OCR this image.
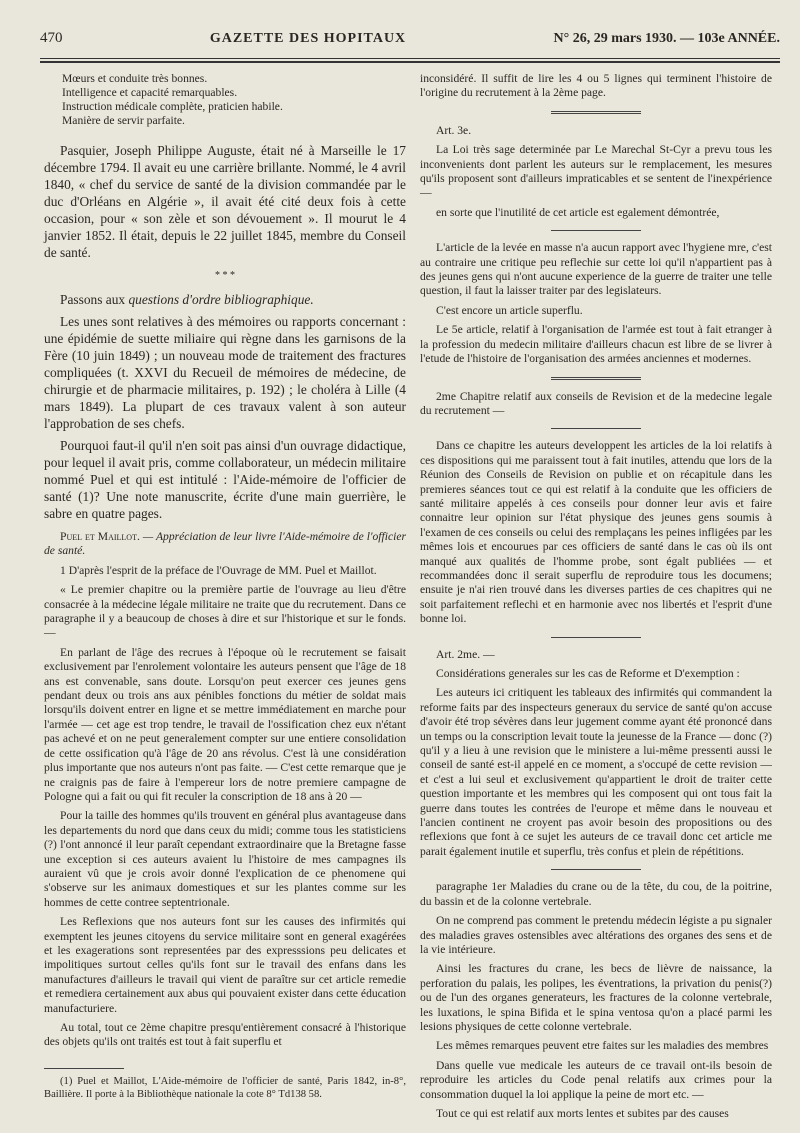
470	GAZETTE DES HOPITAUX	N° 26, 29 mars 1930. — 103e ANNÉE.
Mœurs et conduite très bonnes.
Intelligence et capacité remarquables.
Instruction médicale complète, praticien habile.
Manière de servir parfaite.

Pasquier, Joseph Philippe Auguste, était né à Marseille le 17 décembre 1794. Il avait eu une carrière brillante. Nommé, le 4 avril 1840, « chef du service de santé de la division commandée par le duc d'Orléans en Algérie », il avait été cité deux fois à cette occasion, pour « son zèle et son dévouement ». Il mourut le 4 janvier 1852. Il était, depuis le 22 juillet 1845, membre du Conseil de santé.

* * *

Passons aux questions d'ordre bibliographique.

Les unes sont relatives à des mémoires ou rapports concernant : une épidémie de suette miliaire qui règne dans les garnisons de la Fère (10 juin 1849) ; un nouveau mode de traitement des fractures compliquées (t. XXVI du Recueil de mémoires de médecine, de chirurgie et de pharmacie militaires, p. 192) ; le choléra à Lille (4 mars 1849). La plupart de ces travaux valent à son auteur l'approbation de ses chefs.

Pourquoi faut-il qu'il n'en soit pas ainsi d'un ouvrage didactique, pour lequel il avait pris, comme collaborateur, un médecin militaire nommé Puel et qui est intitulé : l'Aide-mémoire de l'officier de santé (1)? Une note manuscrite, écrite d'une main guerrière, le sabre en quatre pages.

Puel et Maillot. — Appréciation de leur livre l'Aide-mémoire de l'officier de santé.

1 D'après l'esprit de la préface de l'Ouvrage de MM. Puel et Maillot.

« Le premier chapitre ou la première partie de l'ouvrage au lieu d'être consacrée à la médecine légale militaire ne traite que du recrutement. Dans ce paragraphe il y a beaucoup de choses à dire et sur l'historique et sur le fonds. —

En parlant de l'âge des recrues à l'époque où le recrutement se faisait exclusivement par l'enrolement volontaire les auteurs pensent que l'âge de 18 ans est convenable, sans doute. Lorsqu'on peut exercer ces jeunes gens pendant deux ou trois ans aux pénibles fonctions du métier de soldat mais lorsqu'ils doivent entrer en ligne et se mettre immédiatement en marche pour l'armée — cet age est trop tendre, le travail de l'ossification chez eux n'étant pas achevé et on ne peut generalement compter sur une entiere consolidation de cette ossification qu'à l'âge de 20 ans révolus. C'est là une considération plus importante que nos auteurs n'ont pas faite. — C'est cette remarque que je ne craignis pas de faire à l'empereur lors de notre premiere campagne de Pologne qui a fait ou qui fit reculer la conscription de 18 ans à 20 —

Pour la taille des hommes qu'ils trouvent en général plus avantageuse dans les departements du nord que dans ceux du midi; comme tous les statisticiens (?) l'ont annoncé il leur paraît cependant extraordinaire que la Bretagne fasse une exception si ces auteurs avaient lu l'histoire de mes campagnes ils auraient vû que je crois avoir donné l'explication de ce phenomene qui s'observe sur les animaux domestiques et sur les plantes comme sur les hommes de cette contree septentrionale.

Les Reflexions que nos auteurs font sur les causes des infirmités qui exemptent les jeunes citoyens du service militaire sont en general exagérées et les exagerations sont representées par des expresssions peu delicates et impolitiques surtout celles qu'ils font sur le travail des enfans dans les manufactures d'ailleurs le travail qui vient de paraître sur cet article remedie et remediera certainement aux abus qui pouvaient exister dans cette éducation manufacturiere.

Au total, tout ce 2ème chapitre presqu'entièrement consacré à l'historique des objets qu'ils ont traités est tout à fait superflu et

(1) Puel et Maillot, L'Aide-mémoire de l'officier de santé, Paris 1842, in-8°, Baillière. Il porte à la Bibliothèque nationale la cote 8° Td138 58.

inconsidéré. Il suffit de lire les 4 ou 5 lignes qui terminent l'histoire de l'origine du recrutement à la 2ème page.

Art. 3e.

La Loi très sage determinée par Le Marechal St-Cyr a prevu tous les inconvenients dont parlent les auteurs sur le remplacement, les mesures qu'ils proposent sont d'ailleurs impraticables et se sentent de l'inexpérience —

en sorte que l'inutilité de cet article est egalement démontrée,

L'article de la levée en masse n'a aucun rapport avec l'hygiene mre, c'est au contraire une critique peu reflechie sur cette loi qu'il n'appartient pas à des jeunes gens qui n'ont aucune experience de la guerre de traiter une telle question, il faut la laisser traiter par des legislateurs.

C'est encore un article superflu.

Le 5e article, relatif à l'organisation de l'armée est tout à fait etranger à la profession du medecin militaire d'ailleurs chacun est libre de se livrer à l'etude de l'histoire de l'organisation des armées anciennes et modernes.

2me Chapitre relatif aux conseils de Revision et de la medecine legale du recrutement —

Dans ce chapitre les auteurs developpent les articles de la loi relatifs à ces dispositions qui me paraissent tout à fait inutiles, attendu que lors de la Réunion des Conseils de Revision on publie et on récapitule dans les premieres séances tout ce qui est relatif à la conduite que les officiers de santé militaire appelés à ces conseils pour donner leur avis et faire connaitre leur opinion sur l'état physique des jeunes gens soumis à l'examen de ces conseils ou celui des remplaçans les peines infligées par les mêmes lois et encourues par ces officiers de santé dans le cas où ils ont manqué aux qualités de l'homme probe, sont égalt publiées — et recommandées donc il serait superflu de reproduire tous les documens; ensuite je n'ai rien trouvé dans les diverses parties de ces chapitres qui ne soit parfaitement reflechi et en harmonie avec nos libertés et l'esprit d'une bonne loi.

Art. 2me. —

Considérations generales sur les cas de Reforme et D'exemption :

Les auteurs ici critiquent les tableaux des infirmités qui commandent la reforme faits par des inspecteurs generaux du service de santé qu'on accuse d'avoir été trop sévères dans leur jugement comme ayant été prononcé dans un temps ou la conscription levait toute la jeunesse de la France — donc (?) qu'il y a lieu à une revision que le ministere a lui-même pressenti aussi le conseil de santé est-il appelé en ce moment, a s'occupé de cette revision — et c'est a lui seul et exclusivement qu'appartient le droit de traiter cette question importante et les membres qui les composent qui ont tous fait la guerre dans toutes les contrées de l'europe et même dans le nouveau et l'ancien continent ne croyent pas avoir besoin des propositions ou des reflexions que font à ce sujet les auteurs de ce travail donc cet article me parait également inutile et superflu, très confus et plein de répétitions.

paragraphe 1er Maladies du crane ou de la tête, du cou, de la poitrine, du bassin et de la colonne vertebrale.

On ne comprend pas comment le pretendu médecin légiste a pu signaler des maladies graves ostensibles avec altérations des organes des sens et de la vie intérieure.

Ainsi les fractures du crane, les becs de lièvre de naissance, la perforation du palais, les polipes, les éventrations, la privation du penis(?) ou de l'un des organes generateurs, les fractures de la colonne vertebrale, les luxations, le spina Bifida et le spina ventosa qu'on a placé parmi les lesions physiques de cette colonne vertebrale.

Les mêmes remarques peuvent etre faites sur les maladies des membres

Dans quelle vue medicale les auteurs de ce travail ont-ils besoin de reproduire les articles du Code penal relatifs aux crimes pour la consommation duquel la loi applique la peine de mort etc. —

Tout ce qui est relatif aux morts lentes et subites par des causes
